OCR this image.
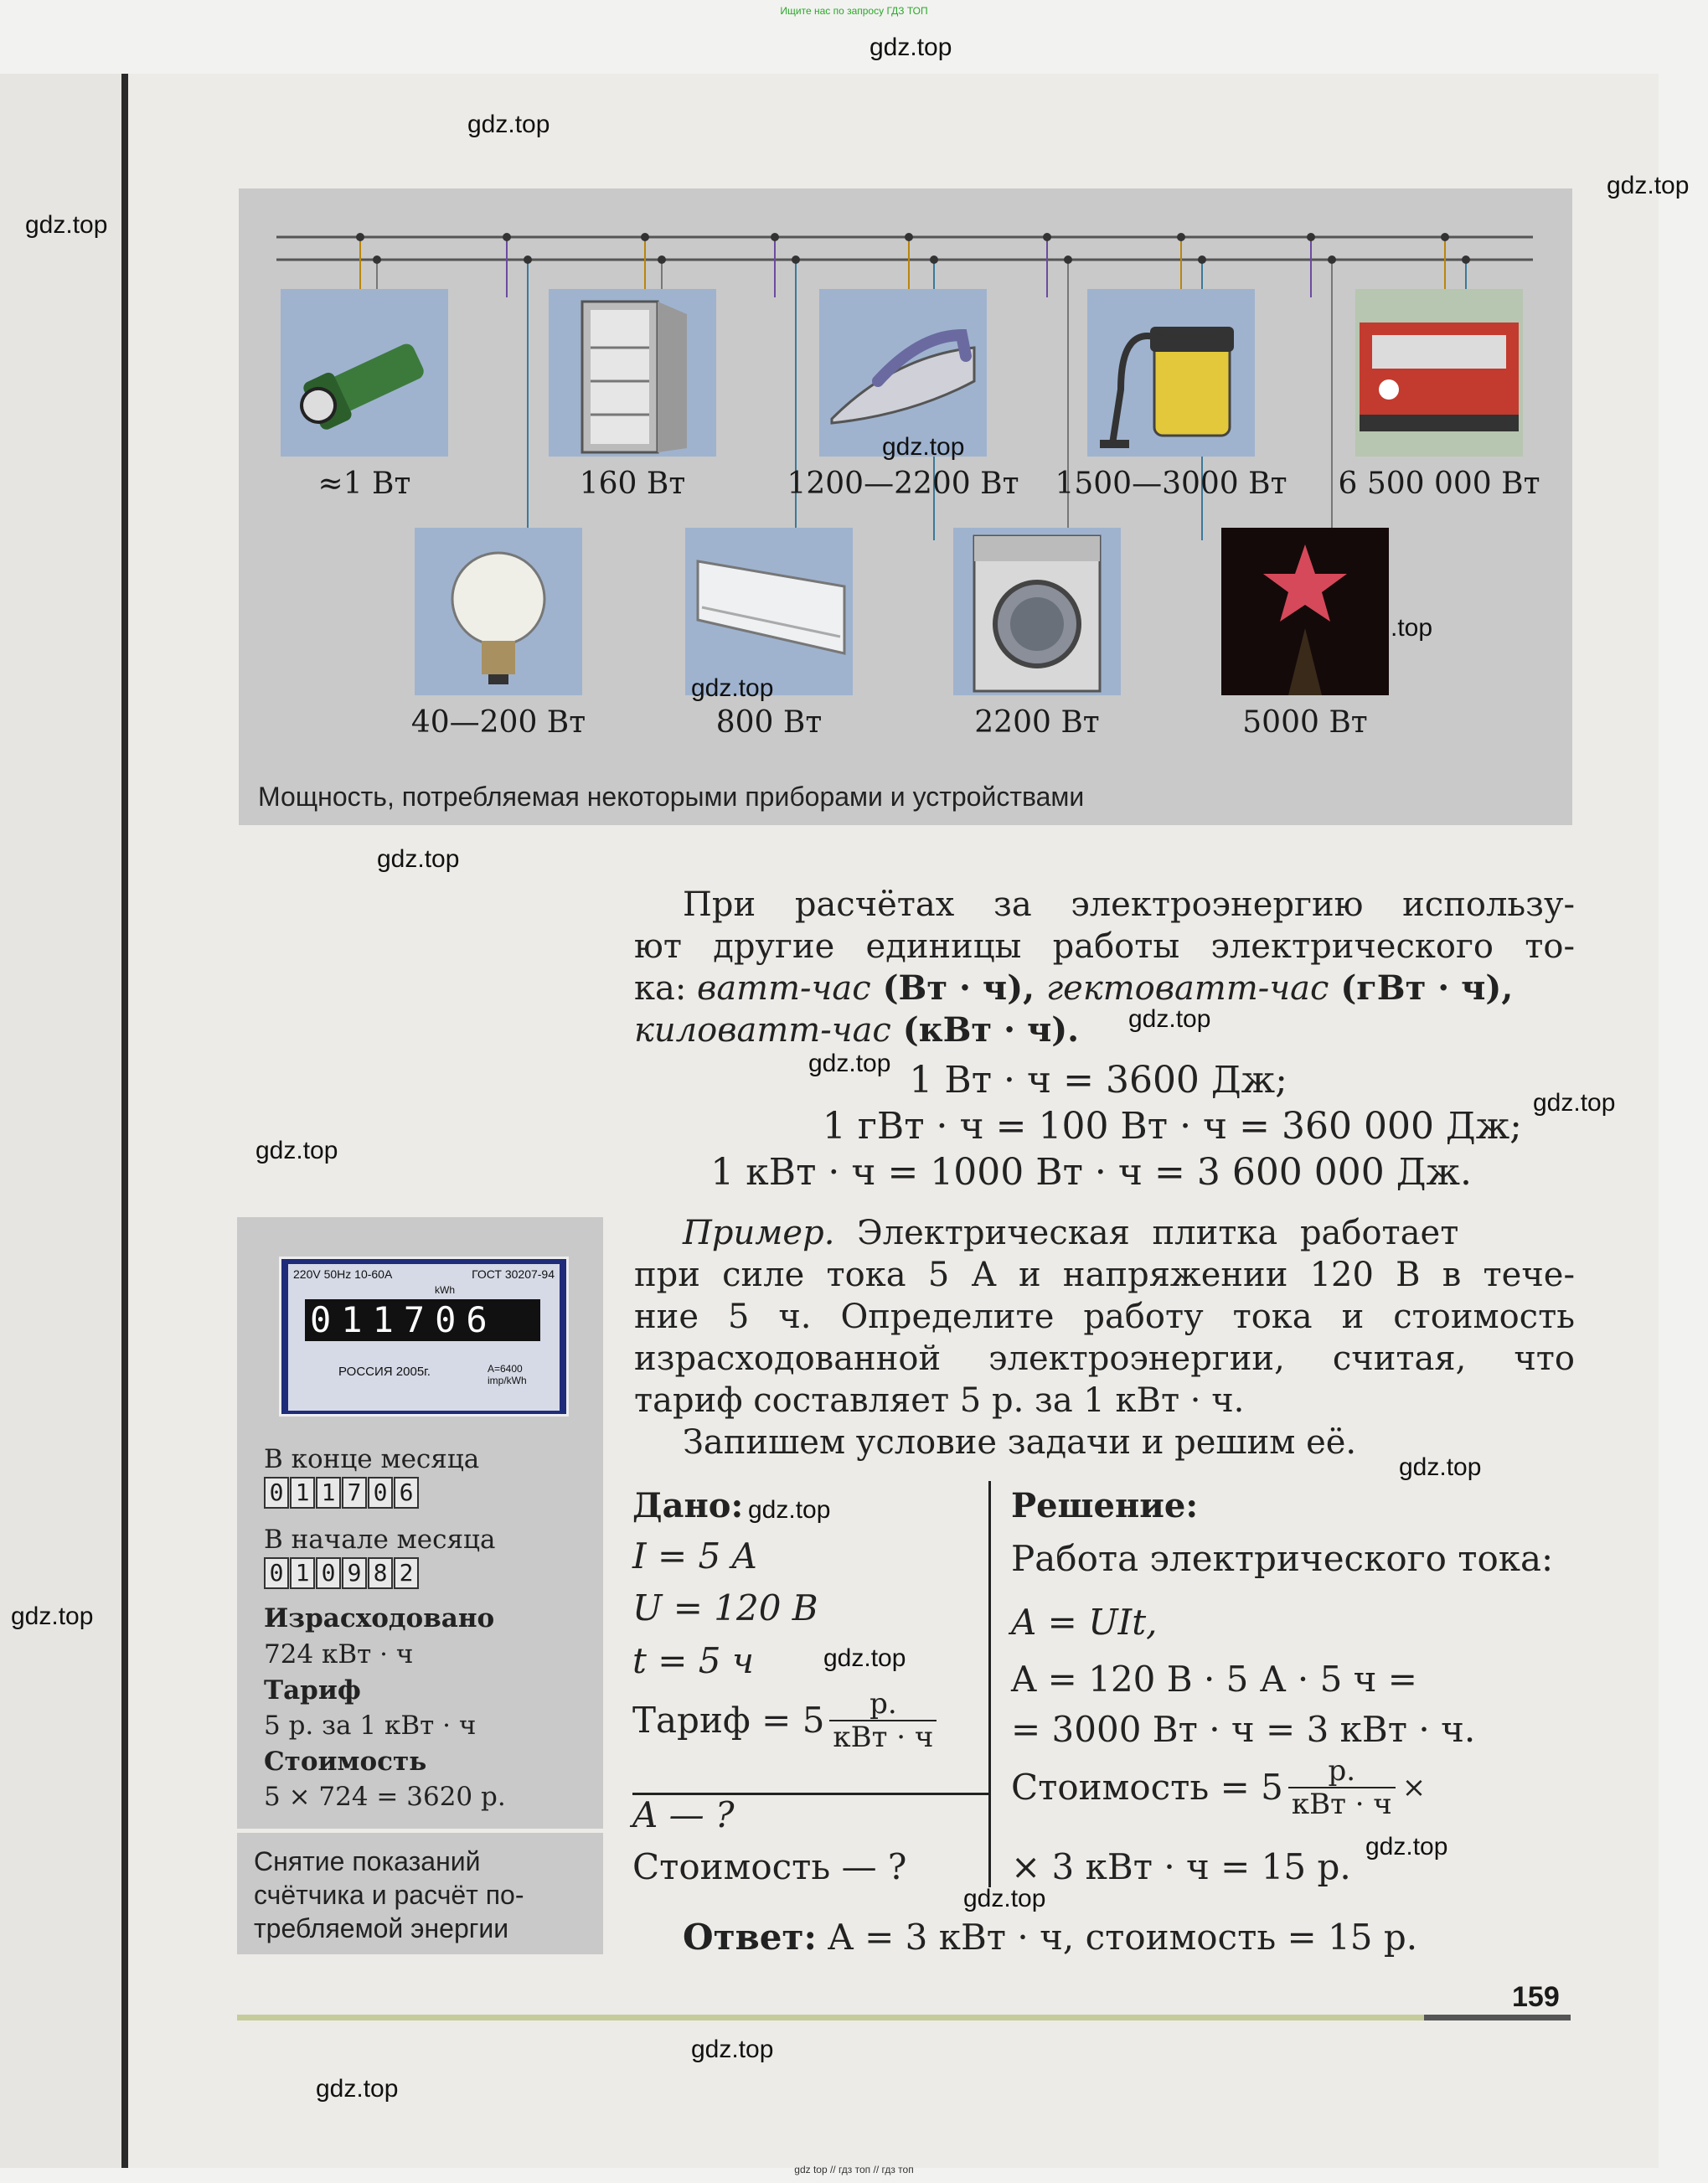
Ищите нас по запросу ГДЗ ТОП
≈1 Вт	160 Вт	1200—2200 Вт	1500—3000 Вт	6 500 000 Вт
40—200 Вт	800 Вт	2200 Вт	5000 Вт
Мощность, потребляемая некоторыми приборами и устройствами
При расчётах за электроэнергию использу-
ют другие единицы работы электрического то-
ка: ватт-час (Вт · ч), гектоватт-час (гВт · ч),
киловатт-час (кВт · ч).
1 Вт · ч = 3600 Дж;
1 гВт · ч = 100 Вт · ч = 360 000 Дж;
1 кВт · ч = 1000 Вт · ч = 3 600 000 Дж.
Пример. Электрическая плитка работает
при силе тока 5 А и напряжении 120 В в тече-
ние 5 ч. Определите работу тока и стоимость
израсходованной электроэнергии, считая, что
тариф составляет 5 р. за 1 кВт · ч.
Запишем условие задачи и решим её.
Дано:
I = 5 A
U = 120 В
t = 5 ч
Тариф = $5 \frac{р.}{\text{кВт · ч}}$
A — ?
Стоимость — ?
Решение:
Работа электрического тока:
A = UIt,
A = 120 В · 5 А · 5 ч =
= 3000 Вт · ч = 3 кВт · ч.
Стоимость = $5 \frac{р.}{\text{кВт · ч}}$ ×
× 3 кВт · ч = 15 р.
Ответ: A = 3 кВт · ч, стоимость = 15 р.
220V 50Hz 10-60A	ГОСТ 30207-94
kWh
011706
РОССИЯ 2005г.	A=6400 imp/kWh
В конце месяца
0 1 1 7 0 6
В начале месяца
0 1 0 9 8 2
Израсходовано
724 кВт · ч
Тариф
5 р. за 1 кВт · ч
Стоимость
5 × 724 = 3620 р.
Снятие показаний
счётчика и расчёт по-
требляемой энергии
159
gdz.top
gdz.top
gdz.top
gdz.top
gdz.top
.top
gdz.top
gdz.top
gdz.top
gdz.top
gdz.top
gdz.top
gdz.top
gdz.top
gdz.top
gdz.top
gdz.top
gdz.top
gdz.top
gdz.top
gdz top // гдз топ // гдз топ
